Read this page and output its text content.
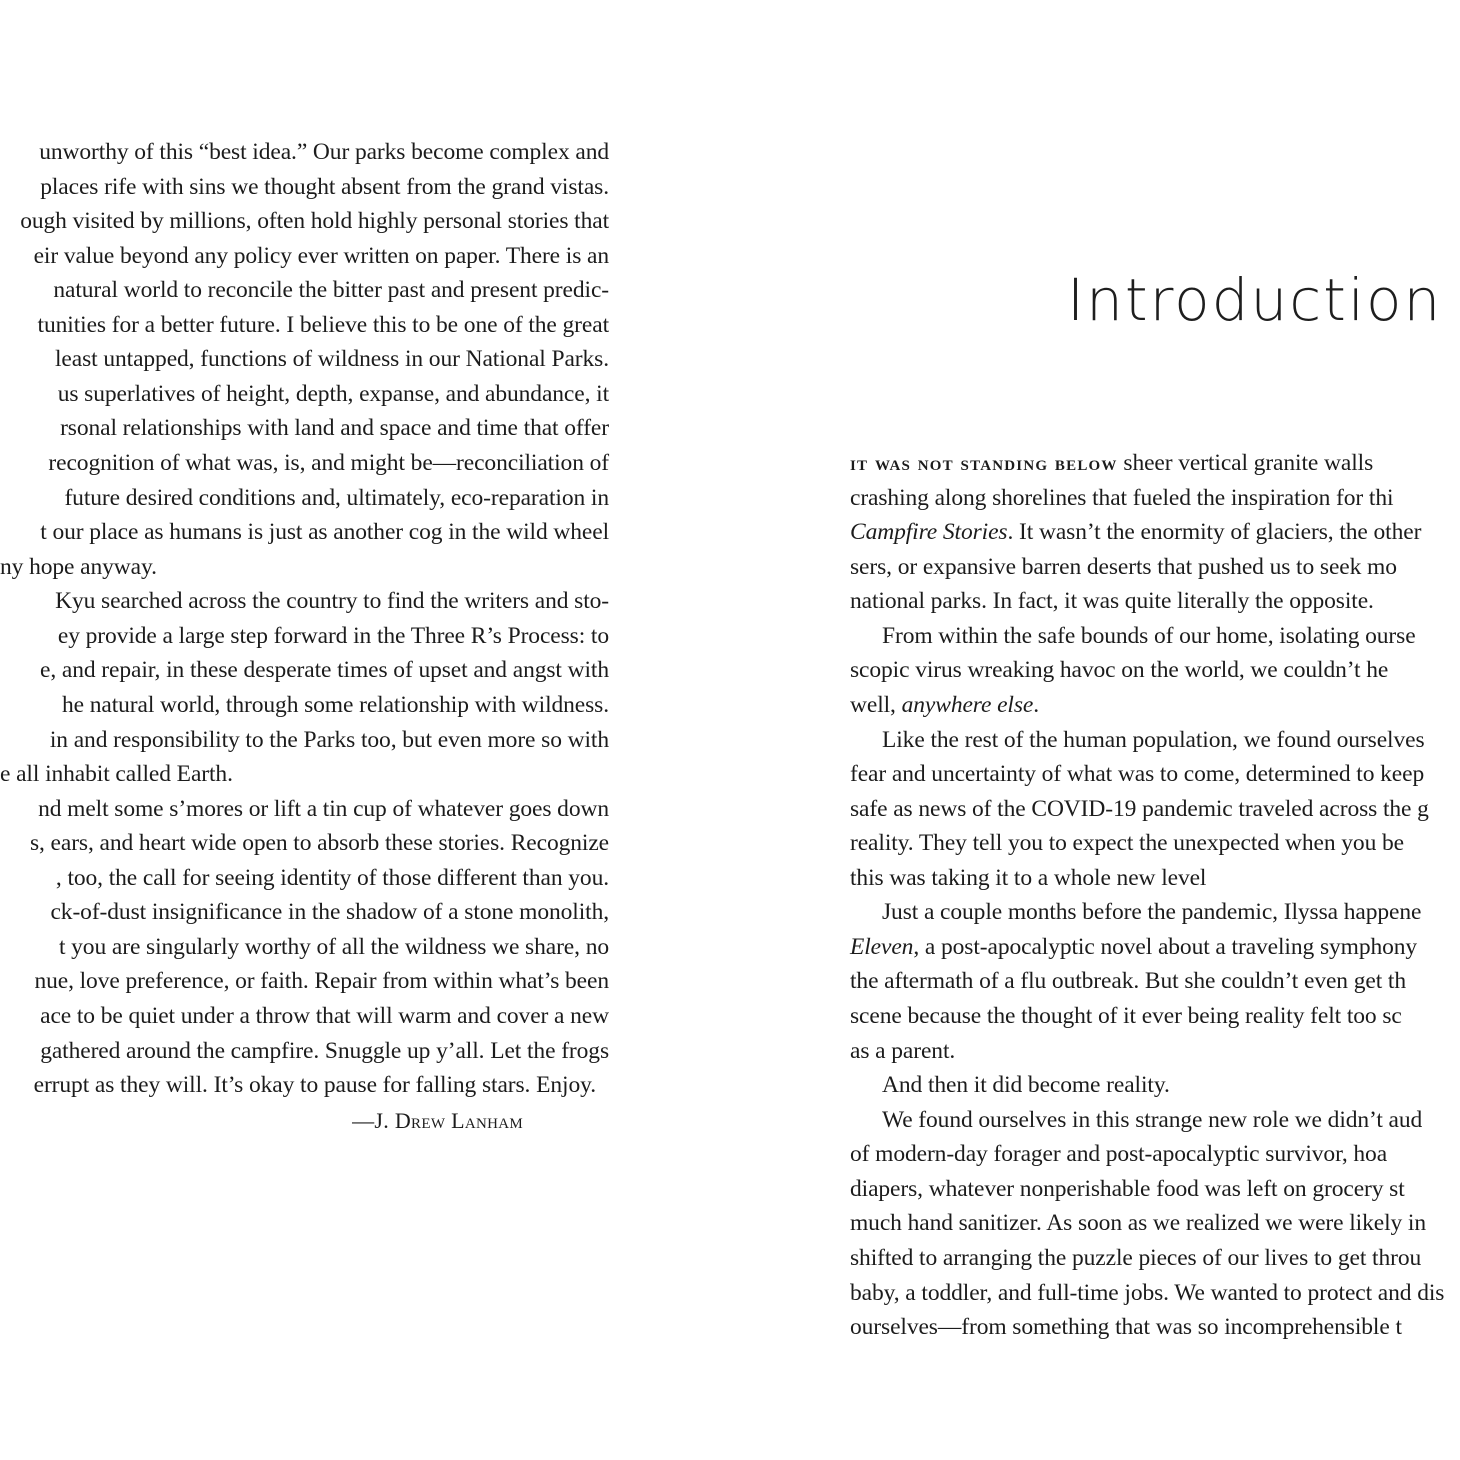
unworthy of this “best idea.” Our parks become complex and
places rife with sins we thought absent from the grand vistas.
ough visited by millions, often hold highly personal stories that
eir value beyond any policy ever written on paper. There is an
natural world to reconcile the bitter past and present predic-
tunities for a better future. I believe this to be one of the great
least untapped, functions of wildness in our National Parks.
us superlatives of height, depth, expanse, and abundance, it
rsonal relationships with land and space and time that offer
recognition of what was, is, and might be—reconciliation of
future desired conditions and, ultimately, eco-reparation in
t our place as humans is just as another cog in the wild wheel
ny hope anyway.
Kyu searched across the country to find the writers and sto-
ey provide a large step forward in the Three R’s Process: to
e, and repair, in these desperate times of upset and angst with
he natural world, through some relationship with wildness.
in and responsibility to the Parks too, but even more so with
e all inhabit called Earth.
nd melt some s’mores or lift a tin cup of whatever goes down
s, ears, and heart wide open to absorb these stories. Recognize
, too, the call for seeing identity of those different than you.
ck-of-dust insignificance in the shadow of a stone monolith,
t you are singularly worthy of all the wildness we share, no
nue, love preference, or faith. Repair from within what’s been
ace to be quiet under a throw that will warm and cover a new
gathered around the campfire. Snuggle up y’all. Let the frogs
errupt as they will. It’s okay to pause for falling stars. Enjoy.
—J. Drew Lanham
Introduction
it was not standing below sheer vertical granite walls
crashing along shorelines that fueled the inspiration for thi
Campfire Stories. It wasn’t the enormity of glaciers, the other
sers, or expansive barren deserts that pushed us to seek mo
national parks. In fact, it was quite literally the opposite.
From within the safe bounds of our home, isolating ourse
scopic virus wreaking havoc on the world, we couldn’t he
well, anywhere else.
Like the rest of the human population, we found ourselves
fear and uncertainty of what was to come, determined to keep
safe as news of the COVID-19 pandemic traveled across the g
reality. They tell you to expect the unexpected when you be
this was taking it to a whole new level
Just a couple months before the pandemic, Ilyssa happene
Eleven, a post-apocalyptic novel about a traveling symphony
the aftermath of a flu outbreak. But she couldn’t even get th
scene because the thought of it ever being reality felt too sc
as a parent.
And then it did become reality.
We found ourselves in this strange new role we didn’t aud
of modern-day forager and post-apocalyptic survivor, hoa
diapers, whatever nonperishable food was left on grocery st
much hand sanitizer. As soon as we realized we were likely in
shifted to arranging the puzzle pieces of our lives to get throu
baby, a toddler, and full-time jobs. We wanted to protect and dis
ourselves—from something that was so incomprehensible t
